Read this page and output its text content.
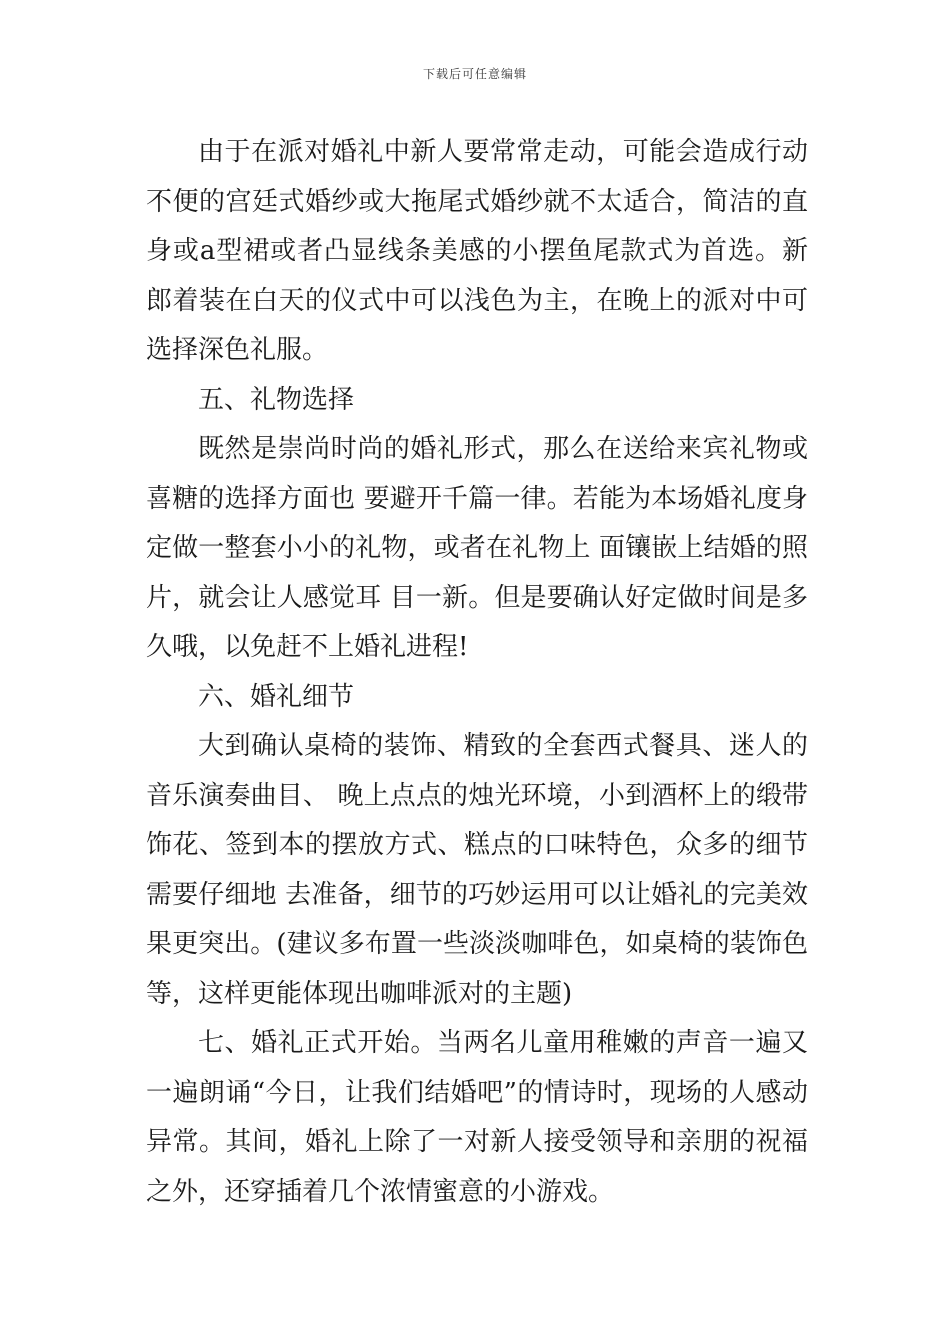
下载后可任意编辑

由于在派对婚礼中新人要常常走动，可能会造成行动不便的宫廷式婚纱或大拖尾式婚纱就不太适合，简洁的直身或a型裙或者凸显线条美感的小摆鱼尾款式为首选。新郎着装在白天的仪式中可以浅色为主，在晚上的派对中可选择深色礼服。

五、礼物选择

既然是崇尚时尚的婚礼形式，那么在送给来宾礼物或喜糖的选择方面也 要避开千篇一律。若能为本场婚礼度身定做一整套小小的礼物，或者在礼物上 面镶嵌上结婚的照片，就会让人感觉耳 目一新。但是要确认好定做时间是多久哦，以免赶不上婚礼进程!

六、婚礼细节

大到确认桌椅的装饰、精致的全套西式餐具、迷人的音乐演奏曲目、 晚上点点的烛光环境，小到酒杯上的缎带饰花、签到本的摆放方式、糕点的口味特色，众多的细节需要仔细地 去准备，细节的巧妙运用可以让婚礼的完美效果更突出。(建议多布置一些淡淡咖啡色，如桌椅的装饰色等，这样更能体现出咖啡派对的主题)

七、婚礼正式开始。当两名儿童用稚嫩的声音一遍又一遍朗诵“今日，让我们结婚吧”的情诗时，现场的人感动异常。其间，婚礼上除了一对新人接受领导和亲朋的祝福之外，还穿插着几个浓情蜜意的小游戏。
